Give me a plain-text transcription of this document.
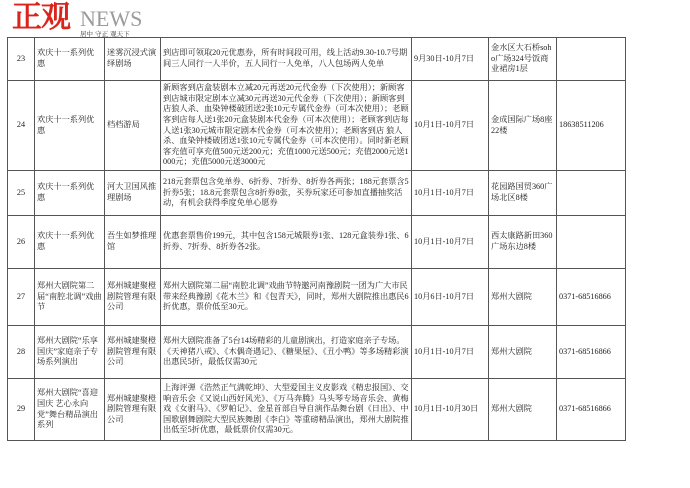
正观 NEWS
居中 守正 观天下
23	欢庆十一系列优惠	迷雾沉浸式演绎剧场	到店即可领取20元优惠券，所有时间段可用，线上活动9.30-10.7号期间三人同行一人半价，五人同行一人免单，八人包场两人免单	9月30日-10月7日	金水区大石桥soho广场324号饭商业裙房1层	
24	欢庆十一系列优惠	档档游局	新顾客到店盒装剧本立减20元再送20元代金券（下次使用）；新顾客到店城市限定剧本立减30元再送30元代金券（下次使用）；新顾客到店狼人杀、血染钟楼破团送2张10元专属代金券（可本次使用）；老顾客到店每人送1张20元盒装剧本代金券（可本次使用）；老顾客到店每人送1张30元城市限定剧本代金券（可本次使用）；老顾客到店 狼人杀、血染钟楼破团送1张10元专属代金券（可本次使用）。同时新老顾客充值可享充值500元送200元；充值1000元送500元；充值2000元送1000元；充值5000元送3000元	10月1日-10月7日	金成国际广场8座22楼	18638511206
25	欢庆十一系列优惠	河大卫国风推理剧场	218元套票包含免单券、6折券、7折券、8折券各两张；188元套票含5折券5张；18.8元套票包含8折券8张，买券玩家还可参加直播抽奖活动，有机会获得季度免单心愿券	10月1日-10月7日	花园路国贸360广场北区8楼	
26	欢庆十一系列优惠	吾生如梦推理馆	优惠套票售价199元，其中包含158元城限券1张、128元盒装券1张、6折券、7折券、8折券各2张。	10月1日-10月7日	西太康路新田360广场东边8楼	
27	郑州大剧院第二届“南腔北调”戏曲节	郑州城建聚橙剧院管理有限公司	郑州大剧院第二届“南腔北调”戏曲节特邀河南豫剧院一团为广大市民带来经典豫剧《花木兰》和《包青天》，同时，郑州大剧院推出惠民6折优惠，票价低至30元。	10月6日-10月7日	郑州大剧院	0371-68516866
28	郑州大剧院“乐享国庆”家庭亲子专场系列演出	郑州城建聚橙剧院管理有限公司	郑州大剧院准备了5台14场精彩的儿童剧演出，打造家庭亲子专场。《天神猪八戒》、《木偶奇遇记》、《糖果屋》、《丑小鸭》等多场精彩演出惠民5折，最低仅需30元	10月1日-10月7日	郑州大剧院	0371-68516866
29	郑州大剧院“喜迎国庆 艺心永向党”舞台精品演出系列	郑州城建聚橙剧院管理有限公司	上海评弹《浩然正气满乾坤》、大型爱国主义皮影戏《精忠报国》、交响音乐会《又说山西好风光》、《万马奔腾》马头琴专场音乐会、黄梅戏《女驸马》、《罗帕记》、金星首部自导自演作品舞台剧《日出》、中国歌剧舞剧院大型民族舞剧《李白》等重磅精品演出，郑州大剧院推出低至5折优惠，最低票价仅需30元。	10月1日-10月30日	郑州大剧院	0371-68516866
